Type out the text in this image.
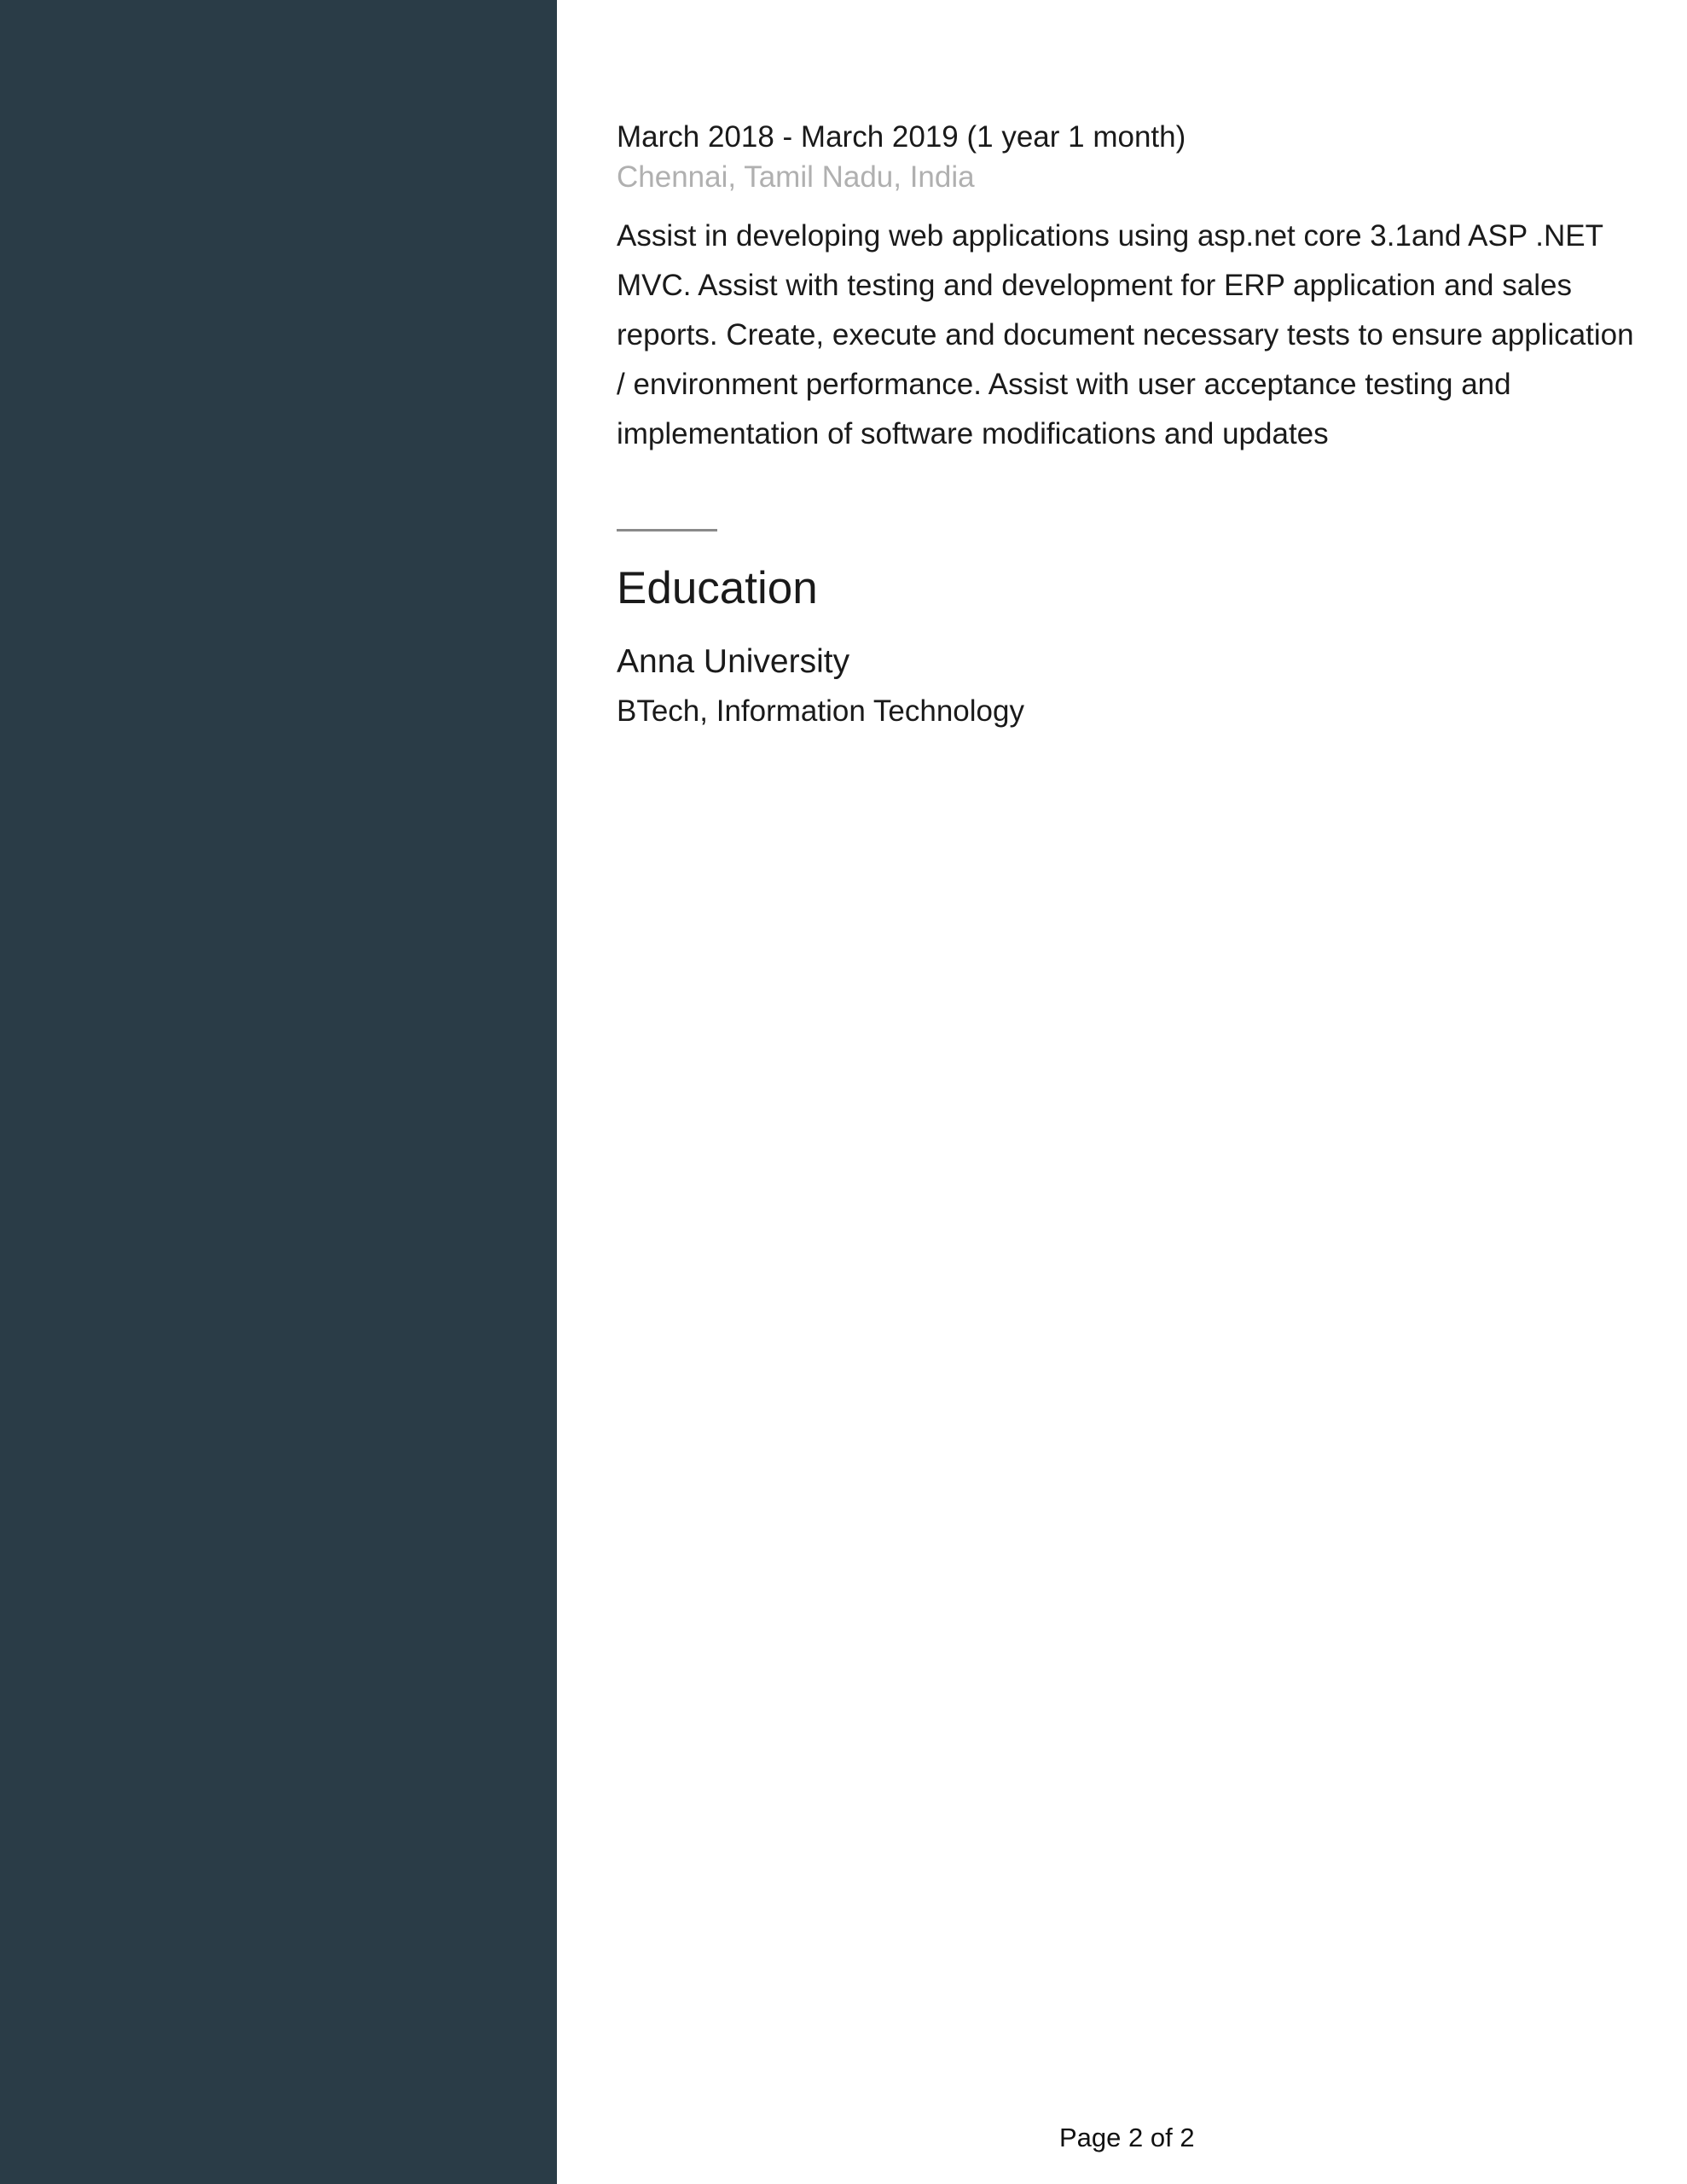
March 2018 - March 2019 (1 year 1 month)
Chennai, Tamil Nadu, India

Assist in developing web applications using asp.net core 3.1and ASP .NET MVC. Assist with testing and development for ERP application and sales reports. Create, execute and document necessary tests to ensure application / environment performance. Assist with user acceptance testing and implementation of software modifications and updates

Education
Anna University
BTech, Information Technology
Page 2 of 2
